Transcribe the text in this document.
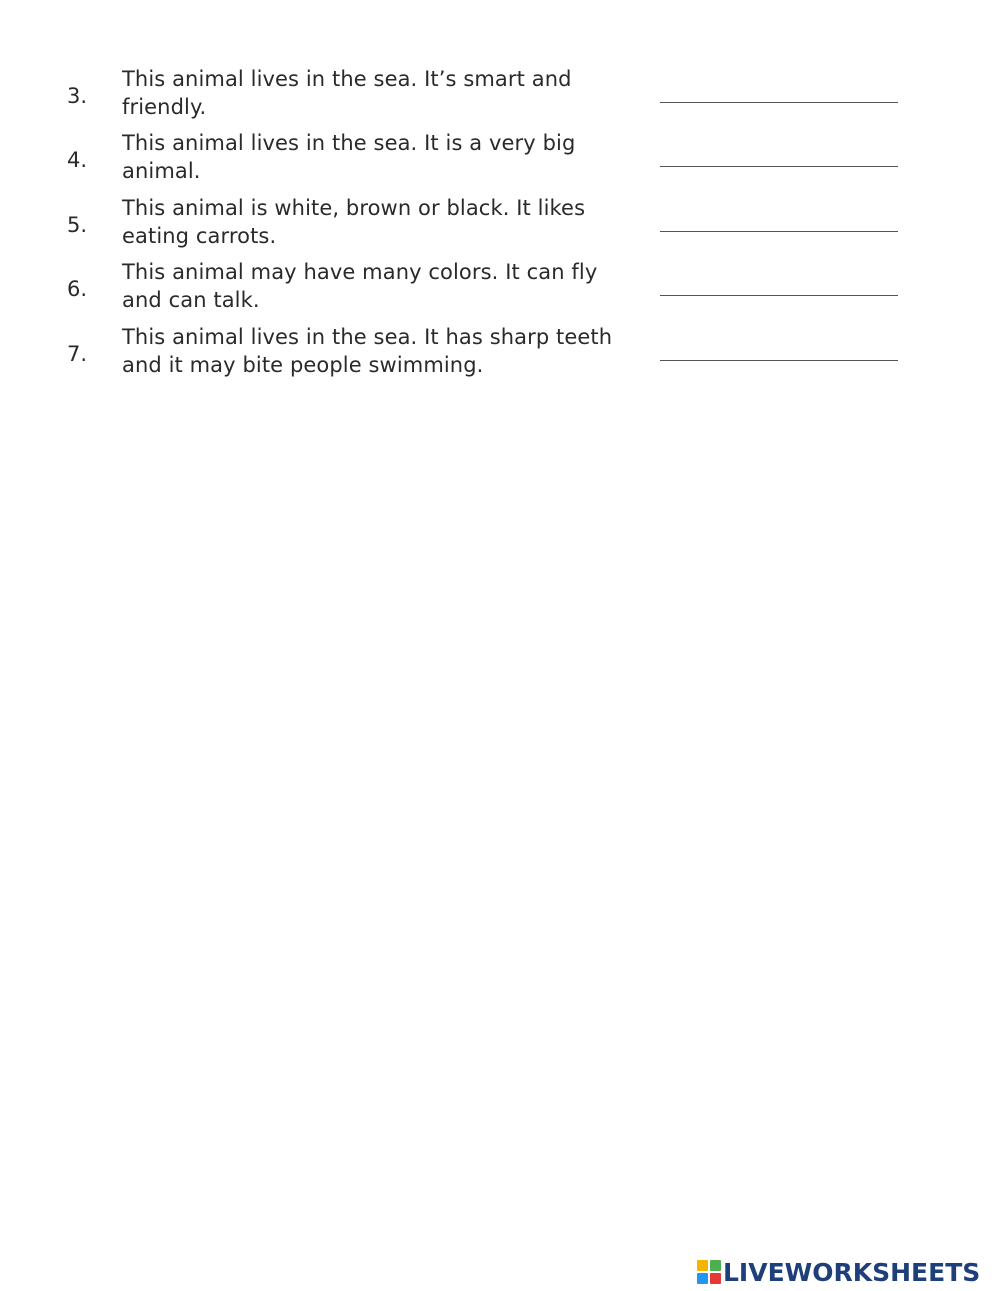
3.
This animal lives in the sea. It’s smart and friendly.
4.
This animal lives in the sea. It is a very big animal.
5.
This animal is white, brown or black. It likes eating carrots.
6.
This animal may have many colors. It can fly and can talk.
7.
This animal lives in the sea. It has sharp teeth and it may bite people swimming.
LIVEWORKSHEETS
